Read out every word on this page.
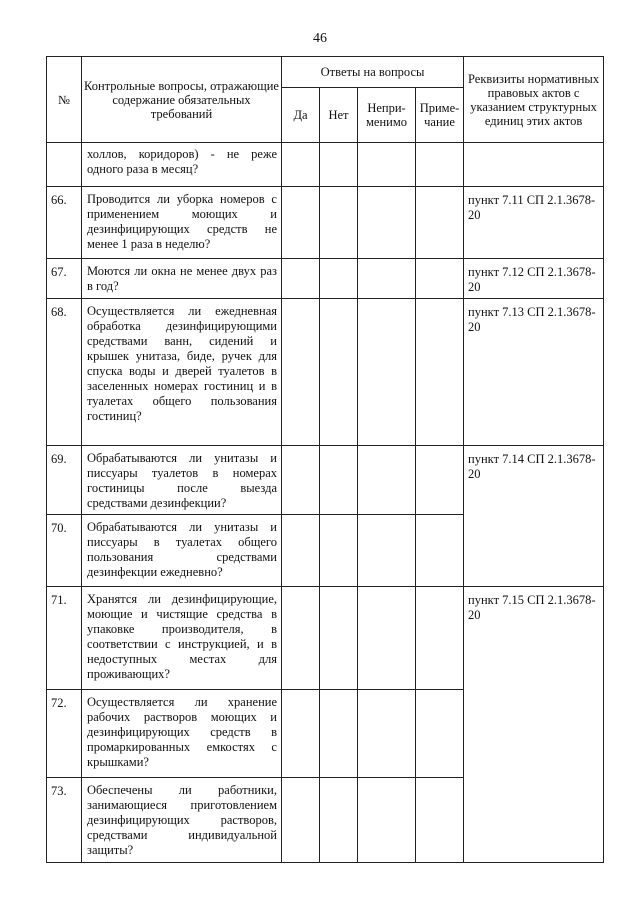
46
№	Контрольные вопросы, отражающие содержание обязательных требований	Ответы на вопросы				Реквизиты нормативных правовых актов с указанием структурных единиц этих актов
		Да	Нет	Непри-менимо	Приме-чание	
	холлов, коридоров) - не реже одного раза в месяц?					
66.	Проводится ли уборка номеров с применением моющих и дезинфицирующих средств не менее 1 раза в неделю?					пункт 7.11 СП 2.1.3678-20
67.	Моются ли окна не менее двух раз в год?					пункт 7.12 СП 2.1.3678-20
68.	Осуществляется ли ежедневная обработка дезинфицирующими средствами ванн, сидений и крышек унитаза, биде, ручек для спуска воды и дверей туалетов в заселенных номерах гостиниц и в туалетах общего пользования гостиниц?					пункт 7.13 СП 2.1.3678-20
69.	Обрабатываются ли унитазы и писсуары туалетов в номерах гостиницы после выезда средствами дезинфекции?					пункт 7.14 СП 2.1.3678-20
70.	Обрабатываются ли унитазы и писсуары в туалетах общего пользования средствами дезинфекции ежедневно?					
71.	Хранятся ли дезинфицирующие, моющие и чистящие средства в упаковке производителя, в соответствии с инструкцией, и в недоступных местах для проживающих?					пункт 7.15 СП 2.1.3678-20
72.	Осуществляется ли хранение рабочих растворов моющих и дезинфицирующих средств в промаркированных емкостях с крышками?					
73.	Обеспечены ли работники, занимающиеся приготовлением дезинфицирующих растворов, средствами индивидуальной защиты?					
